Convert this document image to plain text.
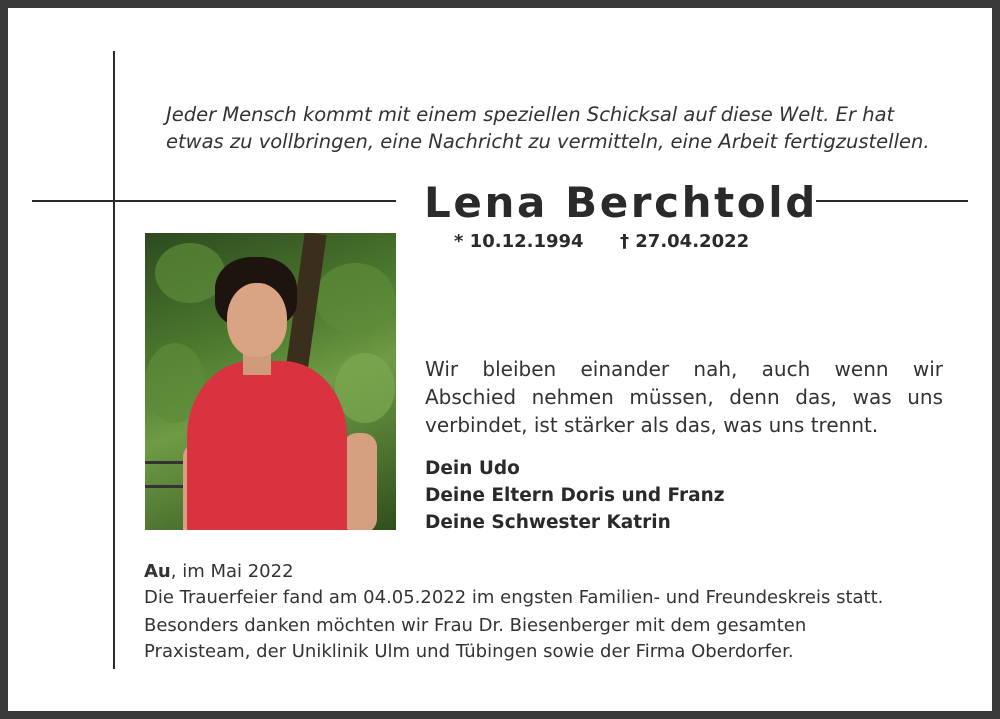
Jeder Mensch kommt mit einem speziellen Schicksal auf diese Welt. Er hat
etwas zu vollbringen, eine Nachricht zu vermitteln, eine Arbeit fertigzustellen.
Lena Berchtold
* 10.12.1994 † 27.04.2022
Wir bleiben einander nah, auch wenn wir
Abschied nehmen müssen, denn das, was uns
verbindet, ist stärker als das, was uns trennt.
Dein Udo
Deine Eltern Doris und Franz
Deine Schwester Katrin
Au, im Mai 2022
Die Trauerfeier fand am 04.05.2022 im engsten Familien- und Freundeskreis statt.
Besonders danken möchten wir Frau Dr. Biesenberger mit dem gesamten
Praxisteam, der Uniklinik Ulm und Tübingen sowie der Firma Oberdorfer.
